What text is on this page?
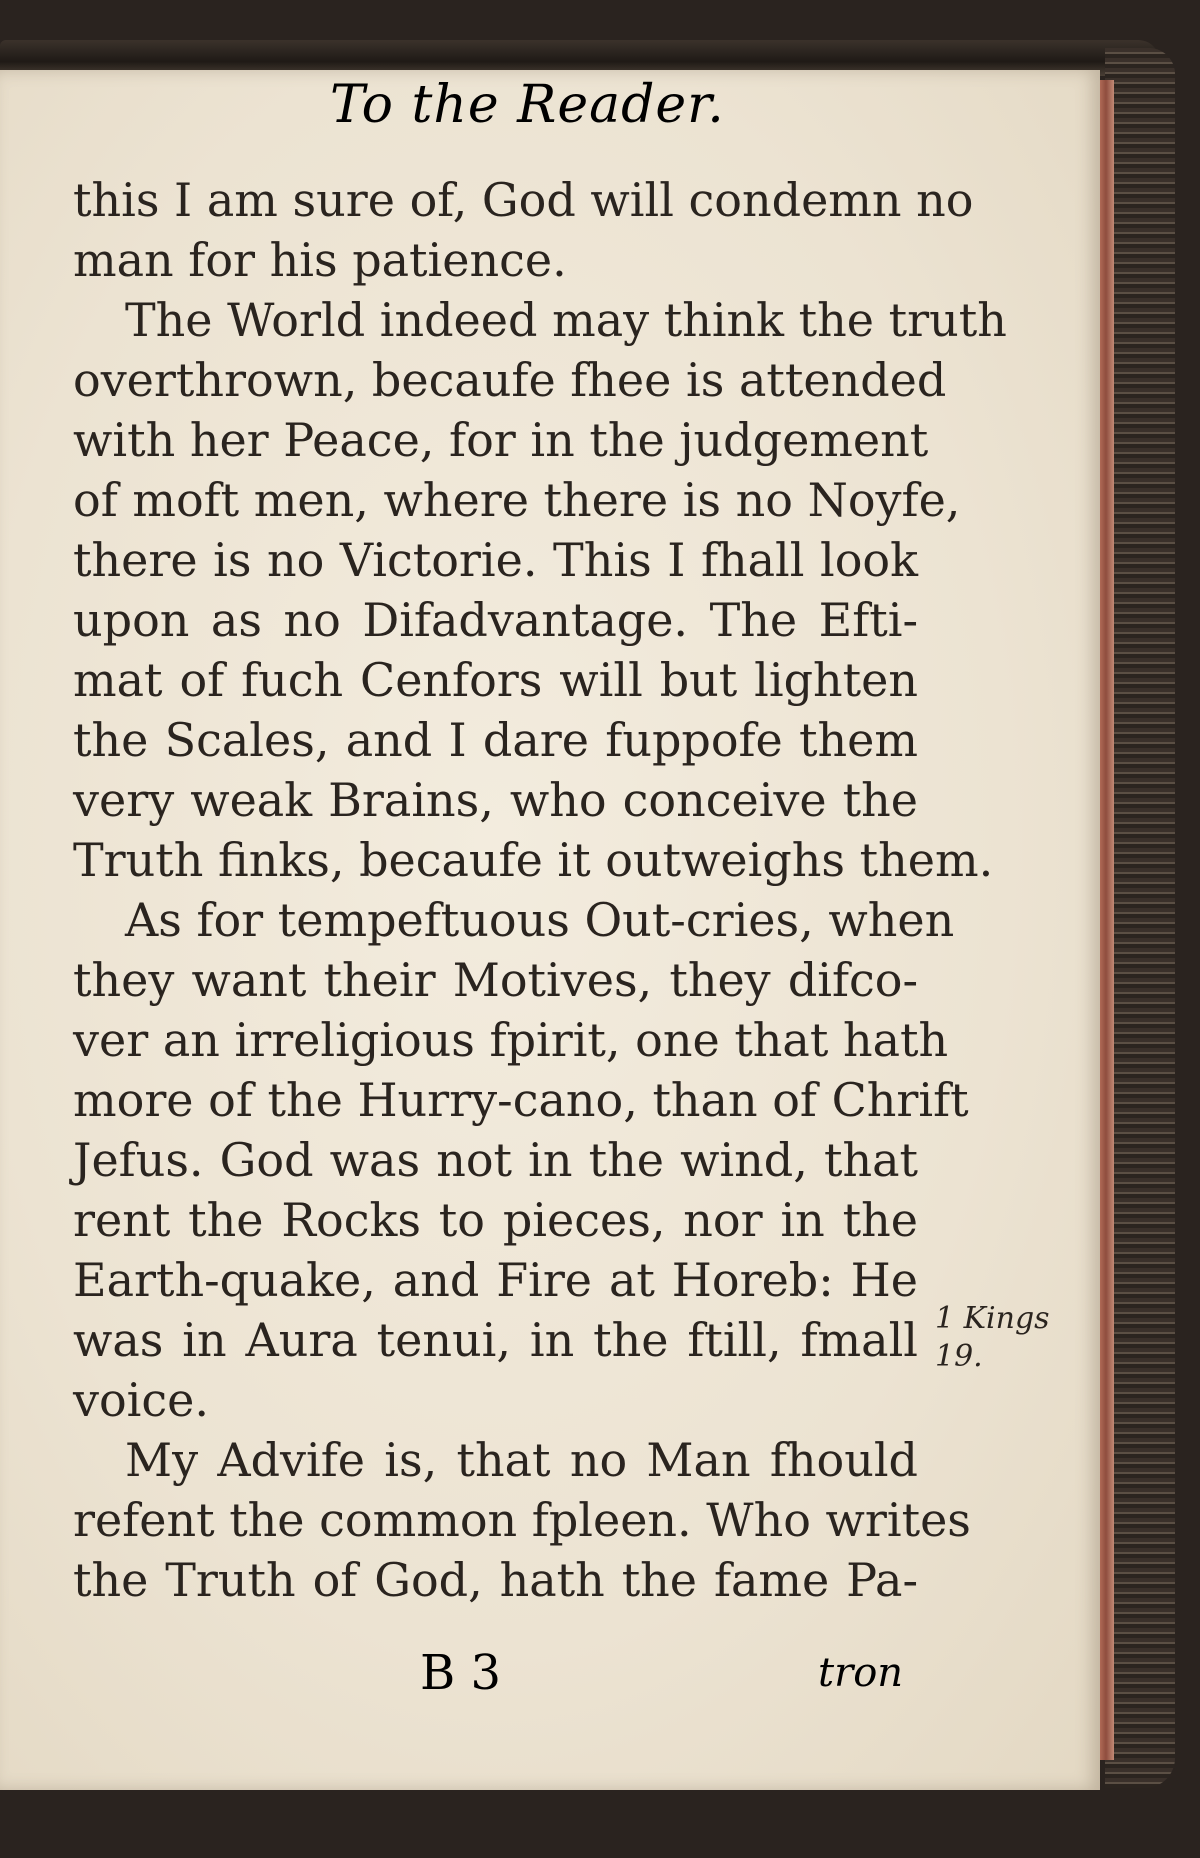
To the Reader.
this I am sure of, God will condemn no
man for his patience.
The World indeed may think the truth
overthrown, becaufe fhee is attended
with her Peace, for in the judgement
of moft men, where there is no Noyfe,
there is no Victorie. This I fhall look
upon as no Difadvantage. The Efti-
mat of fuch Cenfors will but lighten
the Scales, and I dare fuppofe them
very weak Brains, who conceive the
Truth finks, becaufe it outweighs them.
As for tempeftuous Out-cries, when
they want their Motives, they difco-
ver an irreligious fpirit, one that hath
more of the Hurry-cano, than of Chrift
Jefus. God was not in the wind, that
rent the Rocks to pieces, nor in the
Earth-quake, and Fire at Horeb: He
was in Aura tenui, in the ftill, fmall
voice.
My Advife is, that no Man fhould
refent the common fpleen. Who writes
the Truth of God, hath the fame Pa-
1 Kings
19.
B 3	tron
